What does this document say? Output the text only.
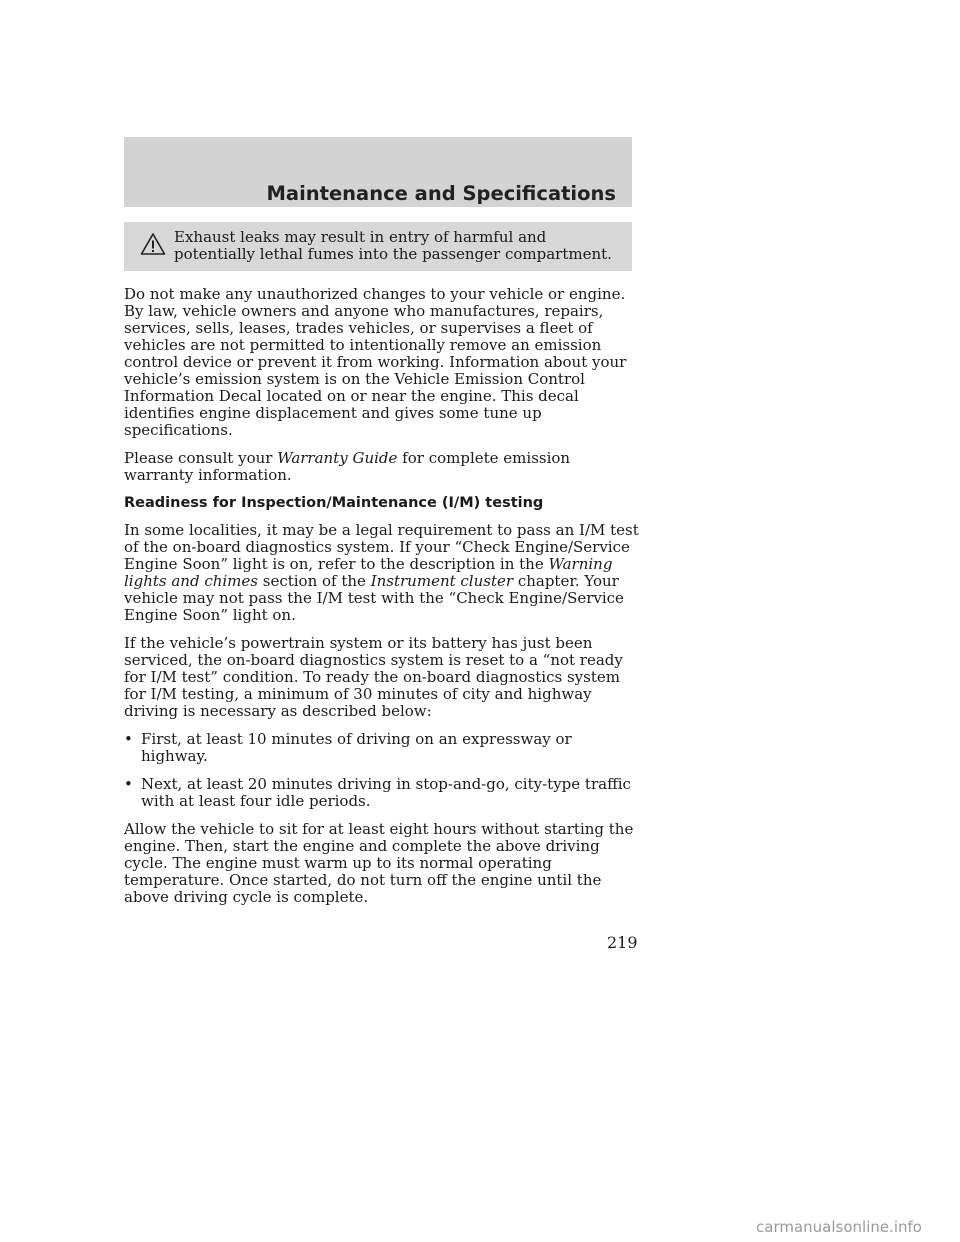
Maintenance and Specifications

Exhaust leaks may result in entry of harmful and potentially lethal fumes into the passenger compartment.

Do not make any unauthorized changes to your vehicle or engine. By law, vehicle owners and anyone who manufactures, repairs, services, sells, leases, trades vehicles, or supervises a fleet of vehicles are not permitted to intentionally remove an emission control device or prevent it from working. Information about your vehicle’s emission system is on the Vehicle Emission Control Information Decal located on or near the engine. This decal identifies engine displacement and gives some tune up specifications.

Please consult your Warranty Guide for complete emission warranty information.

Readiness for Inspection/Maintenance (I/M) testing

In some localities, it may be a legal requirement to pass an I/M test of the on-board diagnostics system. If your “Check Engine/Service Engine Soon” light is on, refer to the description in the Warning lights and chimes section of the Instrument cluster chapter. Your vehicle may not pass the I/M test with the “Check Engine/Service Engine Soon” light on.

If the vehicle’s powertrain system or its battery has just been serviced, the on-board diagnostics system is reset to a “not ready for I/M test” condition. To ready the on-board diagnostics system for I/M testing, a minimum of 30 minutes of city and highway driving is necessary as described below:

• First, at least 10 minutes of driving on an expressway or highway.
• Next, at least 20 minutes driving in stop-and-go, city-type traffic with at least four idle periods.

Allow the vehicle to sit for at least eight hours without starting the engine. Then, start the engine and complete the above driving cycle. The engine must warm up to its normal operating temperature. Once started, do not turn off the engine until the above driving cycle is complete.

219
carmanualsonline.info
